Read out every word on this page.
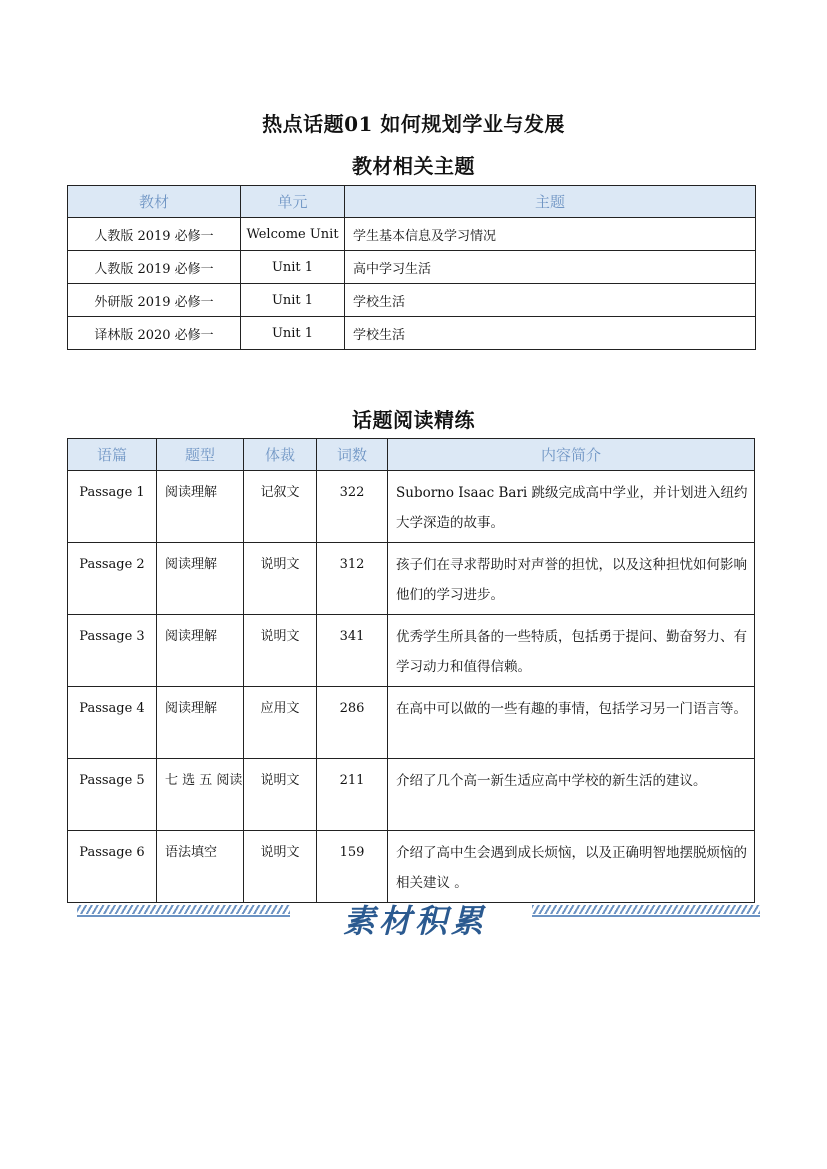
热点话题01 如何规划学业与发展
教材相关主题
教材	单元	主题
人教版 2019 必修一	Welcome Unit	学生基本信息及学习情况
人教版 2019 必修一	Unit 1	高中学习生活
外研版 2019 必修一	Unit 1	学校生活
译林版 2020 必修一	Unit 1	学校生活
话题阅读精练
语篇	题型	体裁	词数	内容简介
Passage 1	阅读理解	记叙文	322	Suborno Isaac Bari 跳级完成高中学业，并计划进入纽约大学深造的故事。
Passage 2	阅读理解	说明文	312	孩子们在寻求帮助时对声誉的担忧，以及这种担忧如何影响他们的学习进步。
Passage 3	阅读理解	说明文	341	优秀学生所具备的一些特质，包括勇于提问、勤奋努力、有学习动力和值得信赖。
Passage 4	阅读理解	应用文	286	在高中可以做的一些有趣的事情，包括学习另一门语言等。
Passage 5	七 选 五 阅读	说明文	211	介绍了几个高一新生适应高中学校的新生活的建议。
Passage 6	语法填空	说明文	159	介绍了高中生会遇到成长烦恼，以及正确明智地摆脱烦恼的相关建议 。
素材积累
